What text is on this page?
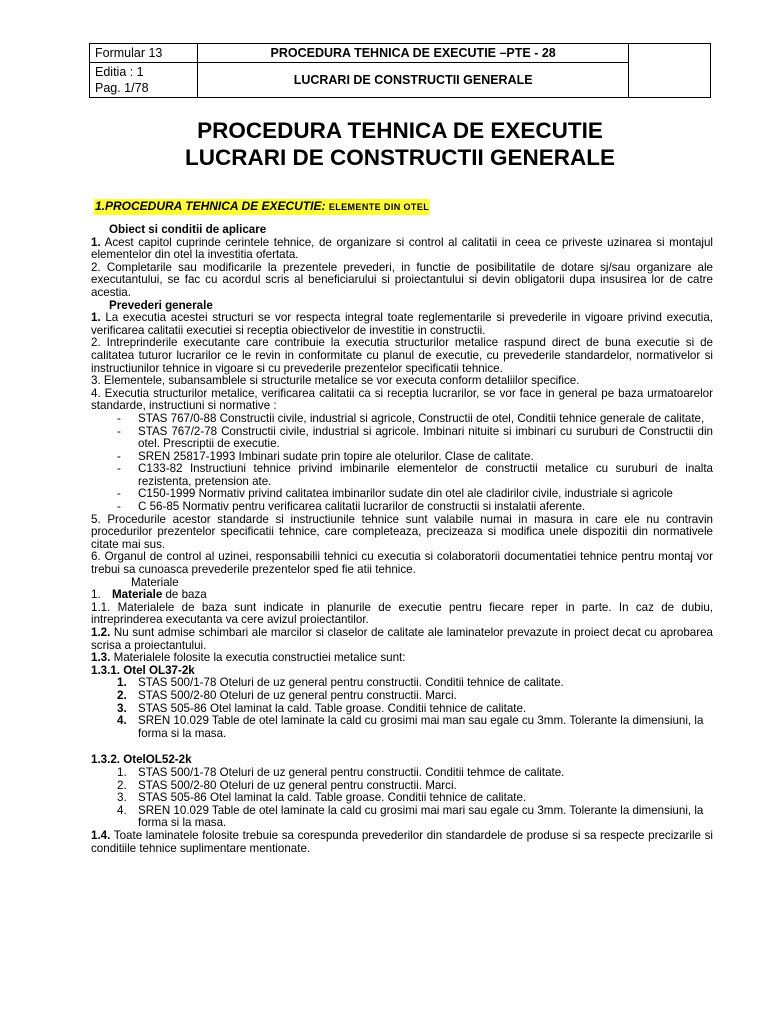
Formular 13	PROCEDURA TEHNICA DE EXECUTIE –PTE - 28	

Editia : 1
Pag. 1/78	LUCRARI DE CONSTRUCTII GENERALE	
PROCEDURA TEHNICA DE EXECUTIE
LUCRARI DE CONSTRUCTII GENERALE
1.PROCEDURA TEHNICA DE EXECUTIE: ELEMENTE DIN OTEL

Obiect si conditii de aplicare

1. Acest capitol cuprinde cerintele tehnice, de organizare si control al calitatii in ceea ce priveste uzinarea si montajul elementelor din otel la investitia ofertata.

2. Completarile sau modificarile la prezentele prevederi, in functie de posibilitatile de dotare sj/sau organizare ale executantului, se fac cu acordul scris al beneficiarului si proiectantului si devin obligatorii dupa insusirea lor de catre acestia.

Prevederi generale

1. La executia acestei structuri se vor respecta integral toate reglementarile si prevederile in vigoare privind executia, verificarea calitatii executiei si receptia obiectivelor de investitie in constructii.

2. Intreprinderile executante care contribuie la executia structurilor metalice raspund direct de buna executie si de calitatea tuturor lucrarilor ce le revin in conformitate cu planul de executie, cu prevederile standardelor, normativelor si instructiunilor tehnice in vigoare si cu prevederile prezentelor specificatii tehnice.

3. Elementele, subansamblele si structurile metalice se vor executa conform detaliilor specifice.

4. Executia structurilor metalice, verificarea calitatii ca si receptia lucrarilor, se vor face in general pe baza urmatoarelor standarde, instructiuni si normative :

- STAS 767/0-88 Constructii civile, industrial si agricole, Constructii de otel, Conditii tehnice generale de calitate,

- STAS 767/2-78 Constructii civile, industrial si agricole. Imbinari nituite si imbinari cu suruburi de Constructii din otel. Prescriptii de executie.

- SREN 25817-1993 Imbinari sudate prin topire ale otelurilor. Clase de calitate.

- C133-82 Instructiuni tehnice privind imbinarile elementelor de constructii metalice cu suruburi de inalta rezistenta, pretension ate.

- C150-1999 Normativ privind calitatea imbinarilor sudate din otel ale cladirilor civile, industriale si agricole

- C 56-85 Normativ pentru verificarea calitatii lucrarilor de constructii si instalatii aferente.

5. Procedurile acestor standarde si instructiunile tehnice sunt valabile numai in masura in care ele nu contravin procedurilor prezentelor specificatii tehnice, care completeaza, precizeaza si modifica unele dispozitii din normativele citate mai sus.

6. Organul de control al uzinei, responsabilii tehnici cu executia si colaboratorii documentatiei tehnice pentru montaj vor trebui sa cunoasca prevederile prezentelor sped fie atii tehnice.

Materiale

1. Materiale de baza

1.1. Materialele de baza sunt indicate in planurile de executie pentru fiecare reper in parte. In caz de dubiu, intreprinderea executanta va cere avizul proiectantilor.

1.2. Nu sunt admise schimbari ale marcilor si claselor de calitate ale laminatelor prevazute in proiect decat cu aprobarea scrisa a proiectantului.

1.3. Materialele folosite la executia constructiei metalice sunt:

1.3.1. Otel OL37-2k

1. STAS 500/1-78 Oteluri de uz general pentru constructii. Conditii tehnice de calitate.

2. STAS 500/2-80 Oteluri de uz general pentru constructii. Marci.

3. STAS 505-86 Otel laminat la cald. Table groase. Conditii tehnice de calitate.

4. SREN 10.029 Table de otel laminate la cald cu grosimi mai man sau egale cu 3mm. Tolerante la dimensiuni, la forma si la masa.

1.3.2. OtelOL52-2k

1. STAS 500/1-78 Oteluri de uz general pentru constructii. Conditii tehmce de calitate.

2. STAS 500/2-80 Oteluri de uz general pentru constructii. Marci.

3. STAS 505-86 Otel laminat la cald. Table groase. Conditii tehnice de calitate.

4. SREN 10.029 Table de otel laminate la cald cu grosimi mai mari sau egale cu 3mm. Tolerante la dimensiuni, la forma si la masa.

1.4. Toate laminatele folosite trebuie sa corespunda prevederilor din standardele de produse si sa respecte precizarile si conditiile tehnice suplimentare mentionate.
